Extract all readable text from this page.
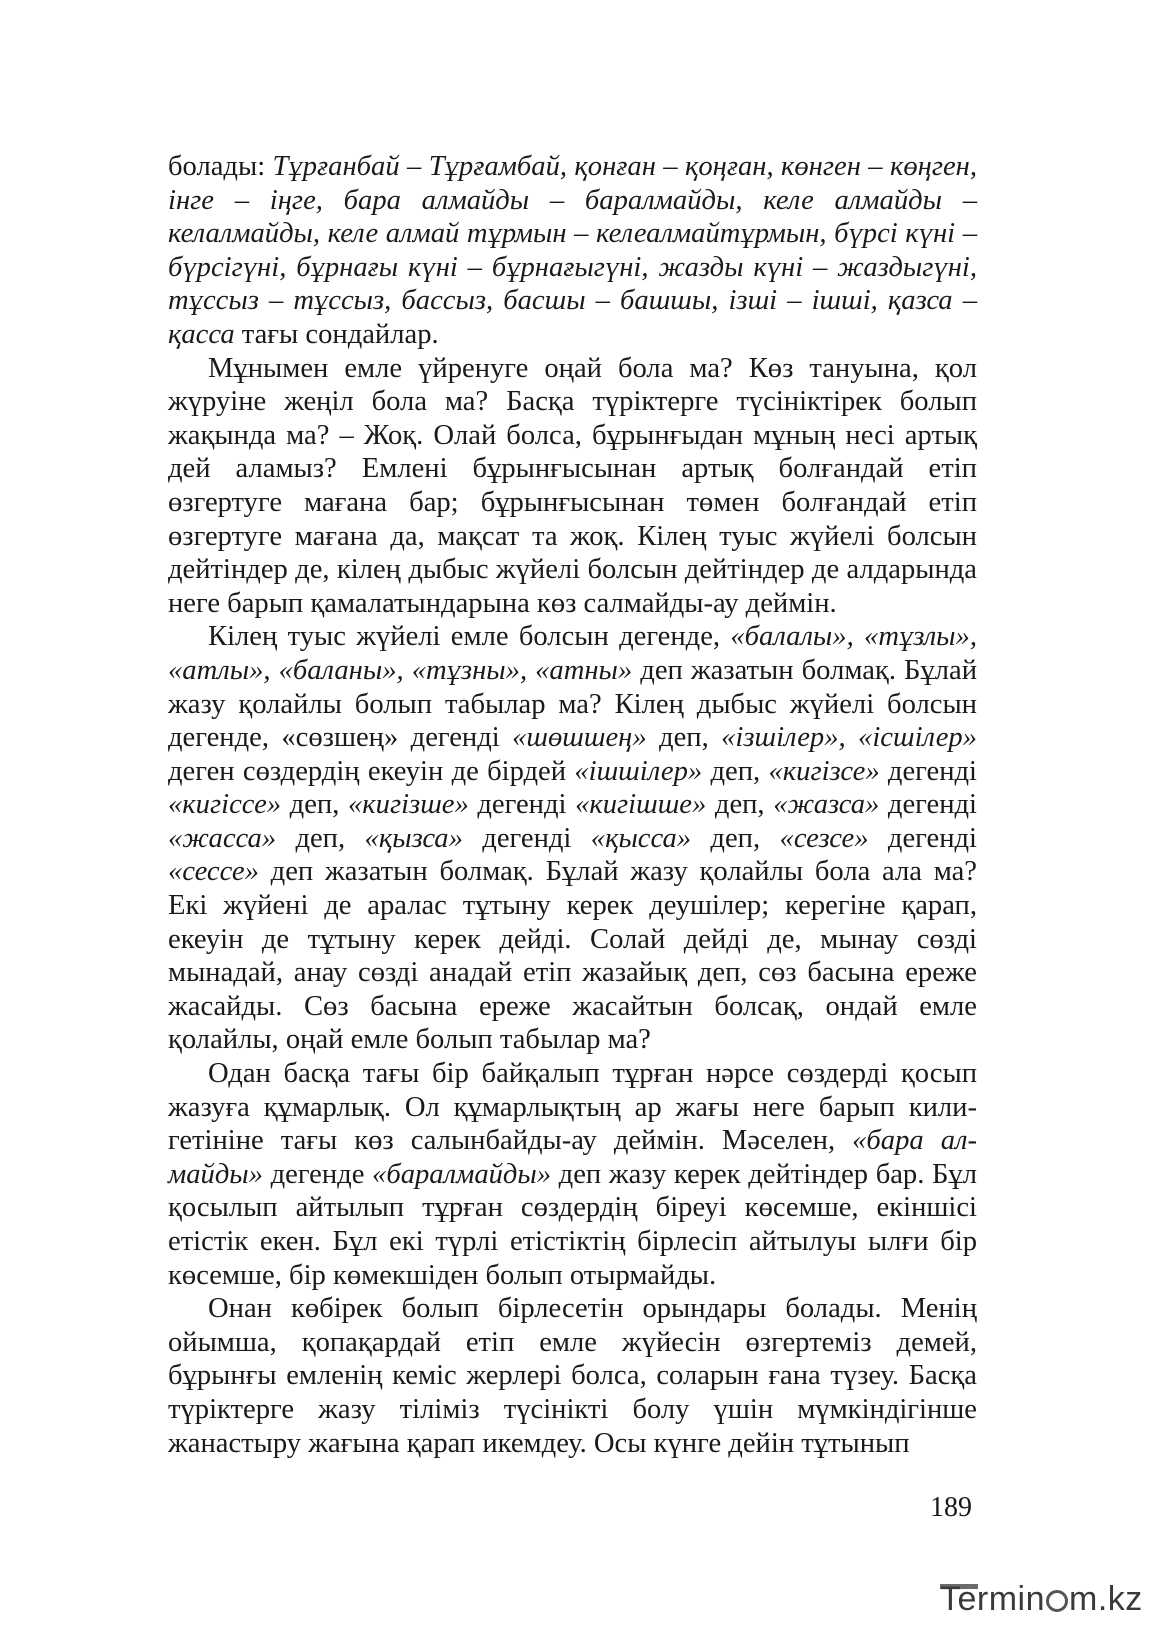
болады: Тұрғанбай – Тұрғамбай, қонған – қоңған, көнген – көңген, інге – іңге, бара алмайды – баралмайды, келе алмайды – келалмайды, келе алмай тұрмын – келеалмайтұрмын, бүрсі күні – бүрсігүні, бұрнағы күні – бұрнағыгүні, жазды күні – жаздыгүні, тұссыз – тұссыз, бассыз, басшы – башшы, ізші – ішші, қазса – қасса тағы сондайлар.

Мұнымен емле үйренуге оңай бола ма? Көз тануына, қол жүруіне жеңіл бола ма? Басқа түріктерге түсініктірек болып жақында ма? – Жоқ. Олай болса, бұрынғыдан мұның несі артық дей аламыз? Емлені бұрынғысынан артық болғандай етіп өзгертуге мағана бар; бұрынғысынан төмен болғандай етіп өзгертуге мағана да, мақсат та жоқ. Кілең туыс жүйелі болсын дейтіндер де, кілең дыбыс жүйелі болсын дейтіндер де алдарында неге барып қамалатындарына көз салмайды-ау деймін.

Кілең туыс жүйелі емле болсын дегенде, «балалы», «тұзлы», «атлы», «баланы», «тұзны», «атны» деп жазатын болмақ. Бұлай жазу қолайлы болып табылар ма? Кілең дыбыс жүйелі болсын дегенде, «сөзшең» дегенді «шөшшең» деп, «ізшілер», «ісшілер» деген сөздердің екеуін де бірдей «ішшілер» деп, «кигізсе» дегенді «кигіссе» деп, «кигізше» дегенді «кигішше» деп, «жазса» дегенді «жасса» деп, «қызса» дегенді «қысса» деп, «сезсе» дегенді «сессе» деп жазатын болмақ. Бұлай жазу қолайлы бола ала ма? Екі жүйені де аралас тұтыну керек деушілер; керегіне қарап, екеуін де тұтыну керек дейді. Солай дейді де, мынау сөзді мынадай, анау сөзді анадай етіп жазайық деп, сөз басына ереже жасайды. Сөз басына ереже жасайтын болсақ, ондай емле қолайлы, оңай емле болып табылар ма?

Одан басқа тағы бір байқалып тұрған нәрсе сөздерді қосып жазуға құмарлық. Ол құмарлықтың ар жағы неге барып килигетініне тағы көз салынбайды-ау деймін. Мәселен, «бара алмайды» дегенде «баралмайды» деп жазу керек дейтіндер бар. Бұл қосылып айтылып тұрған сөздердің біреуі көсемше, екіншісі етістік екен. Бұл екі түрлі етістіктің бірлесіп айтылуы ылғи бір көсемше, бір көмекшіден болып отырмайды.

Онан көбірек болып бірлесетін орындары болады. Менің ойымша, қопақардай етіп емле жүйесін өзгертеміз демей, бұрынғы емленің кеміс жерлері болса, соларын ғана түзеу. Басқа түріктерге жазу тіліміз түсінікті болу үшін мүмкіндігінше жанастыру жағына қарап икемдеу. Осы күнге дейін тұтынып

189
Termin m.kz
